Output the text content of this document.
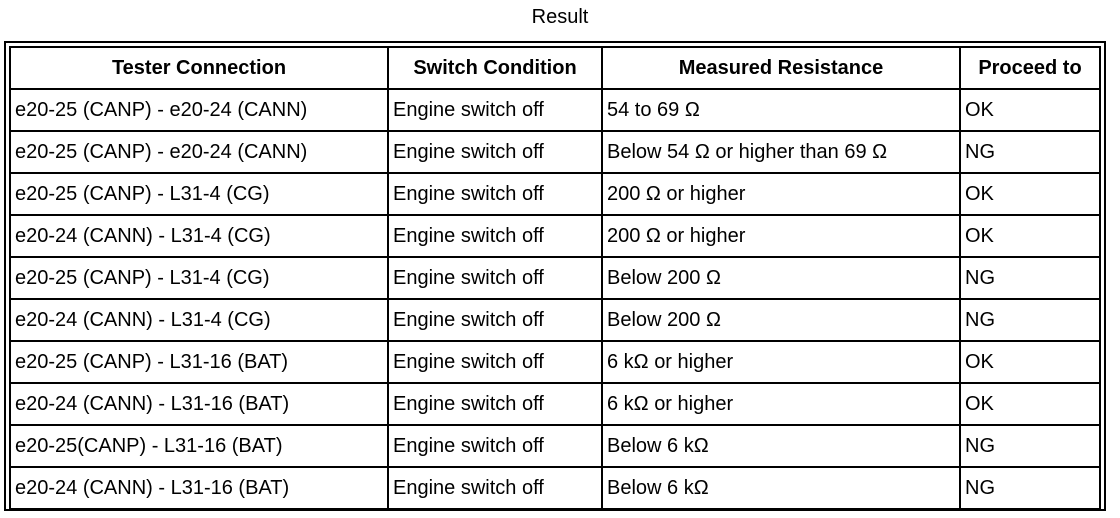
Result
Tester Connection	Switch Condition	Measured Resistance	Proceed to
e20-25 (CANP) - e20-24 (CANN)	Engine switch off	54 to 69 Ω	OK
e20-25 (CANP) - e20-24 (CANN)	Engine switch off	Below 54 Ω or higher than 69 Ω	NG
e20-25 (CANP) - L31-4 (CG)	Engine switch off	200 Ω or higher	OK
e20-24 (CANN) - L31-4 (CG)	Engine switch off	200 Ω or higher	OK
e20-25 (CANP) - L31-4 (CG)	Engine switch off	Below 200 Ω	NG
e20-24 (CANN) - L31-4 (CG)	Engine switch off	Below 200 Ω	NG
e20-25 (CANP) - L31-16 (BAT)	Engine switch off	6 kΩ or higher	OK
e20-24 (CANN) - L31-16 (BAT)	Engine switch off	6 kΩ or higher	OK
e20-25(CANP) - L31-16 (BAT)	Engine switch off	Below 6 kΩ	NG
e20-24 (CANN) - L31-16 (BAT)	Engine switch off	Below 6 kΩ	NG
